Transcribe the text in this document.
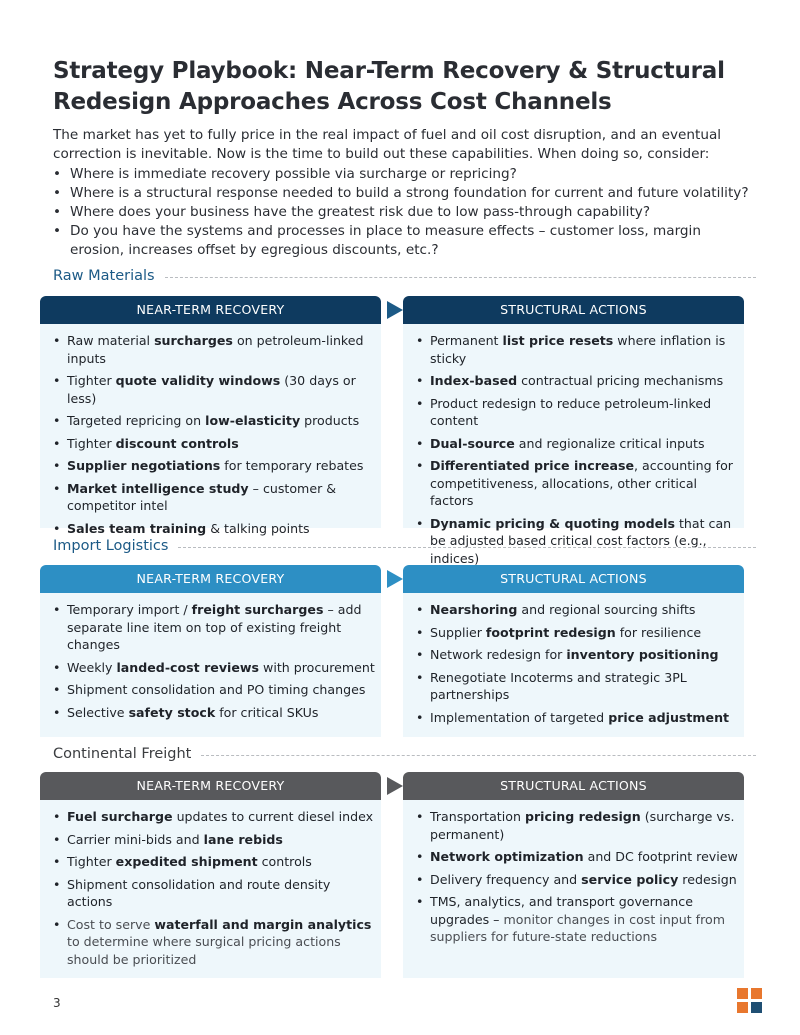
Strategy Playbook: Near-Term Recovery & Structural
Redesign Approaches Across Cost Channels

The market has yet to fully price in the real impact of fuel and oil cost disruption, and an eventual correction is inevitable. Now is the time to build out these capabilities. When doing so, consider:

• Where is immediate recovery possible via surcharge or repricing?
• Where is a structural response needed to build a strong foundation for current and future volatility?
• Where does your business have the greatest risk due to low pass-through capability?
• Do you have the systems and processes in place to measure effects – customer loss, margin erosion, increases offset by egregious discounts, etc.?
Raw Materials
NEAR-TERM RECOVERY
• Raw material surcharges on petroleum-linked inputs
• Tighter quote validity windows (30 days or less)
• Targeted repricing on low-elasticity products
• Tighter discount controls
• Supplier negotiations for temporary rebates
• Market intelligence study – customer & competitor intel
• Sales team training & talking points
STRUCTURAL ACTIONS
• Permanent list price resets where inflation is sticky
• Index-based contractual pricing mechanisms
• Product redesign to reduce petroleum-linked content
• Dual-source and regionalize critical inputs
• Differentiated price increase, accounting for competitiveness, allocations, other critical factors
• Dynamic pricing & quoting models that can be adjusted based critical cost factors (e.g., indices)
Import Logistics
NEAR-TERM RECOVERY
• Temporary import / freight surcharges – add separate line item on top of existing freight changes
• Weekly landed-cost reviews with procurement
• Shipment consolidation and PO timing changes
• Selective safety stock for critical SKUs
STRUCTURAL ACTIONS
• Nearshoring and regional sourcing shifts
• Supplier footprint redesign for resilience
• Network redesign for inventory positioning
• Renegotiate Incoterms and strategic 3PL partnerships
• Implementation of targeted price adjustment
Continental Freight
NEAR-TERM RECOVERY
• Fuel surcharge updates to current diesel index
• Carrier mini-bids and lane rebids
• Tighter expedited shipment controls
• Shipment consolidation and route density actions
• Cost to serve waterfall and margin analytics to determine where surgical pricing actions should be prioritized
STRUCTURAL ACTIONS
• Transportation pricing redesign (surcharge vs. permanent)
• Network optimization and DC footprint review
• Delivery frequency and service policy redesign
• TMS, analytics, and transport governance upgrades – monitor changes in cost input from suppliers for future-state reductions
3
